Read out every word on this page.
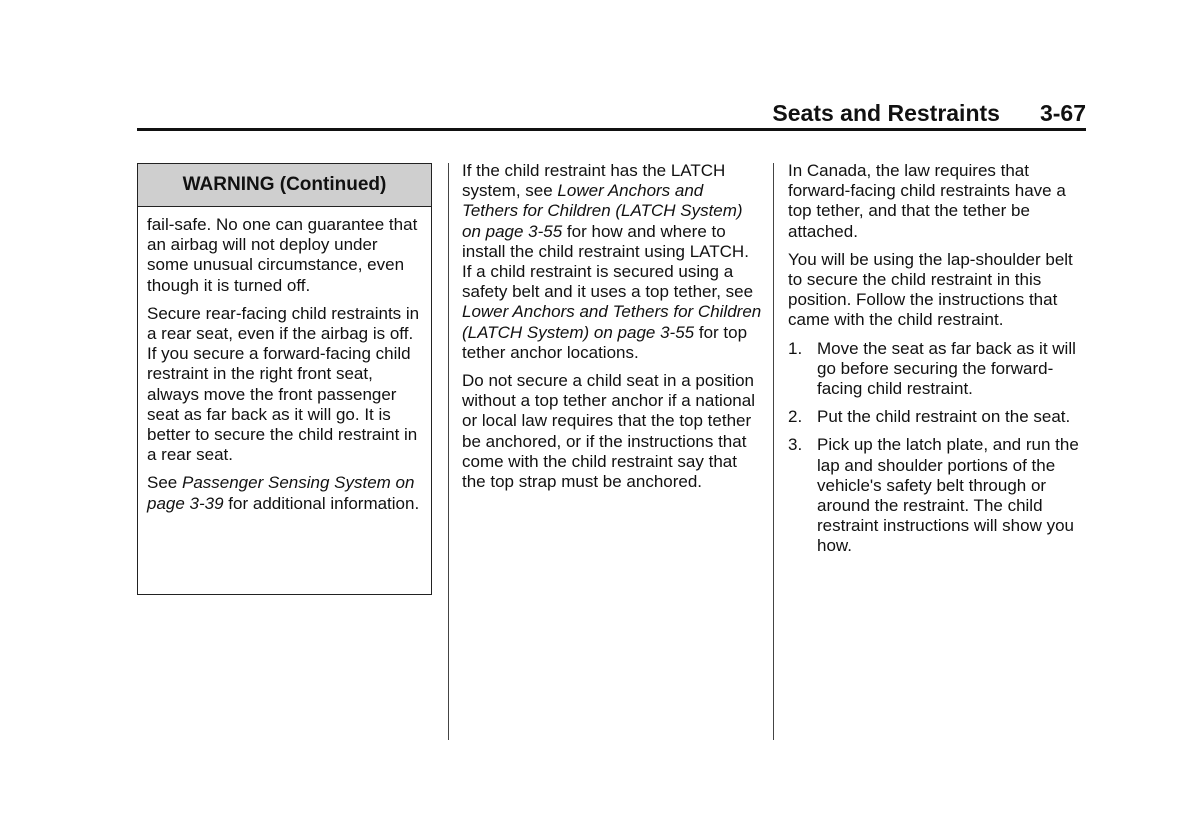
Seats and Restraints 3-67
WARNING (Continued)

fail-safe. No one can guarantee that an airbag will not deploy under some unusual circumstance, even though it is turned off.

Secure rear-facing child restraints in a rear seat, even if the airbag is off. If you secure a forward-facing child restraint in the right front seat, always move the front passenger seat as far back as it will go. It is better to secure the child restraint in a rear seat.

See Passenger Sensing System on page 3-39 for additional information.

If the child restraint has the LATCH system, see Lower Anchors and Tethers for Children (LATCH System) on page 3-55 for how and where to install the child restraint using LATCH. If a child restraint is secured using a safety belt and it uses a top tether, see Lower Anchors and Tethers for Children (LATCH System) on page 3-55 for top tether anchor locations.

Do not secure a child seat in a position without a top tether anchor if a national or local law requires that the top tether be anchored, or if the instructions that come with the child restraint say that the top strap must be anchored.

In Canada, the law requires that forward-facing child restraints have a top tether, and that the tether be attached.

You will be using the lap-shoulder belt to secure the child restraint in this position. Follow the instructions that came with the child restraint.

1. Move the seat as far back as it will go before securing the forward-facing child restraint.
2. Put the child restraint on the seat.
3. Pick up the latch plate, and run the lap and shoulder portions of the vehicle's safety belt through or around the restraint. The child restraint instructions will show you how.
